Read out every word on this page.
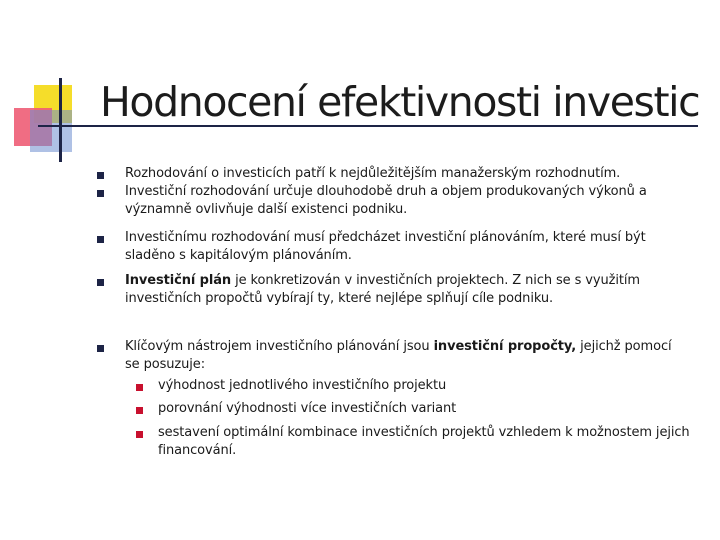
Hodnocení efektivnosti investic
Rozhodování o investicích patří k nejdůležitějším manažerským rozhodnutím.
Investiční rozhodování určuje dlouhodobě druh a objem produkovaných výkonů a významně ovlivňuje další existenci podniku.
Investičnímu rozhodování musí předcházet investiční plánováním, které musí být sladěno s kapitálovým plánováním.
Investiční plán je konkretizován v investičních projektech. Z nich se s využitím investičních propočtů vybírají ty, které nejlépe splňují cíle podniku.
Klíčovým nástrojem investičního plánování jsou investiční propočty, jejichž pomocí se posuzuje:
výhodnost jednotlivého investičního projektu
porovnání výhodnosti více investičních variant
sestavení optimální kombinace investičních projektů vzhledem k možnostem jejich financování.
